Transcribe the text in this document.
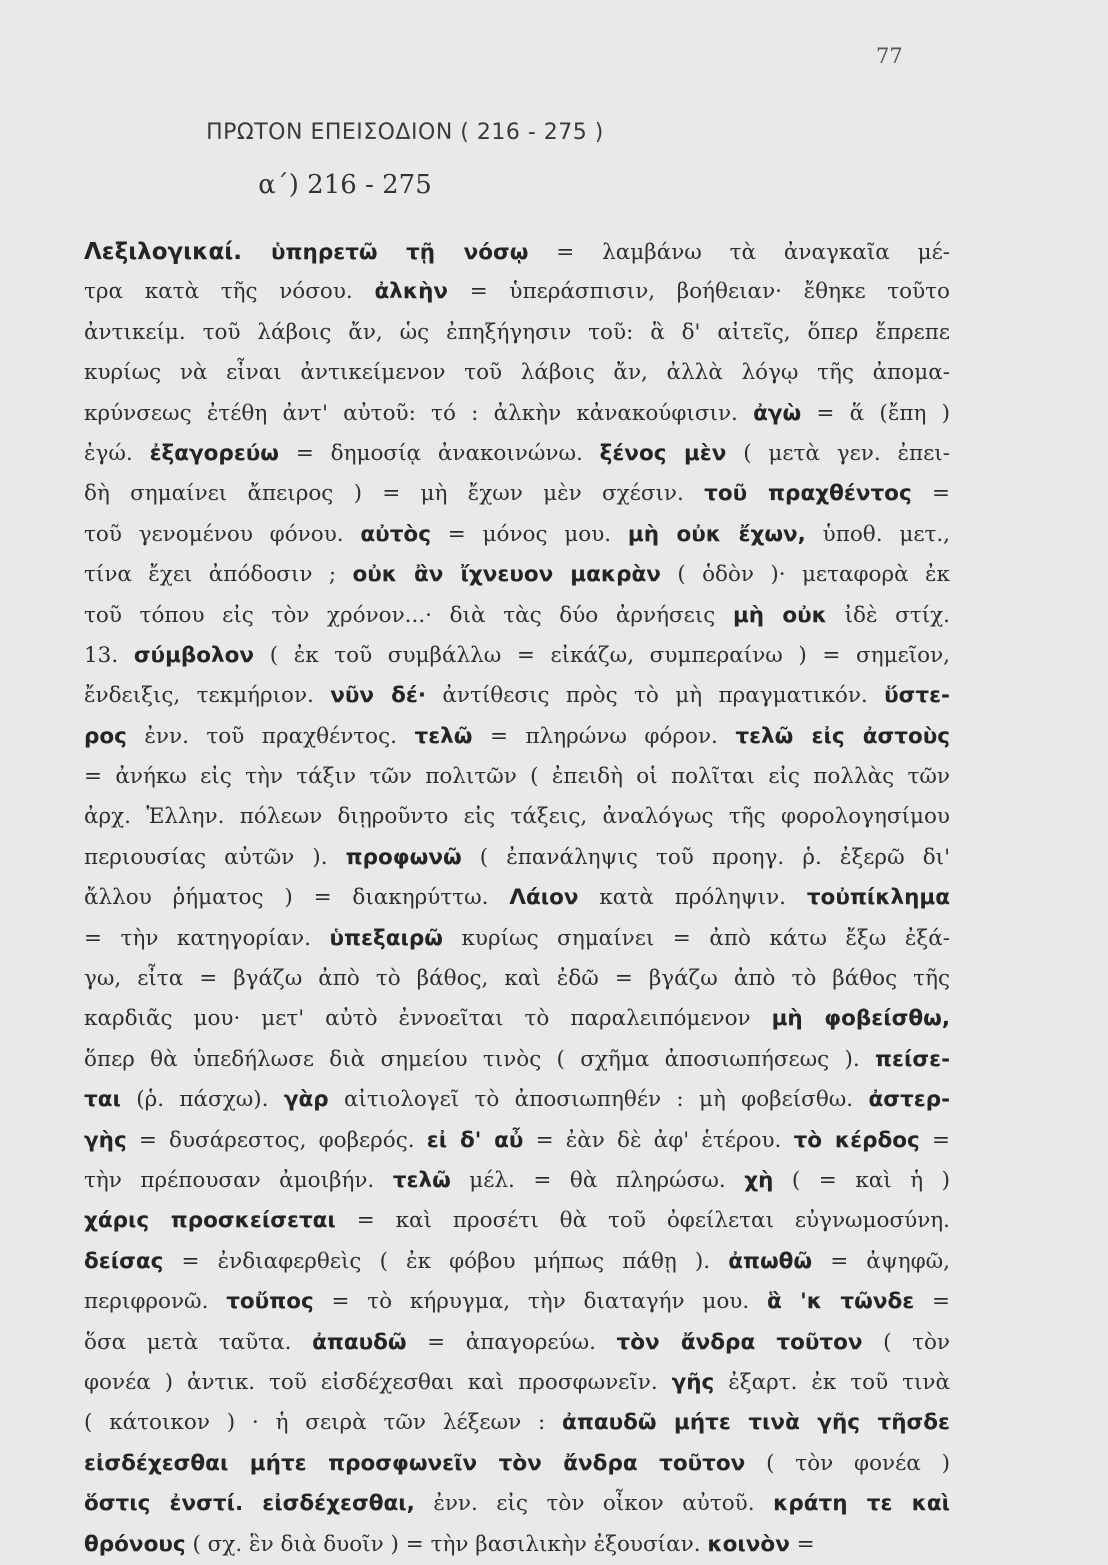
77
ΠΡΩΤΟΝ ΕΠΕΙΣΟΔΙΟΝ ( 216 - 275 )
α΄) 216 - 275
Λεξιλογικαί. ὑπηρετῶ τῇ νόσῳ = λαμβάνω τὰ ἀναγκαῖα μέ-
τρα κατὰ τῆς νόσου. ἀλκὴν = ὑπεράσπισιν, βοήθειαν· ἔθηκε τοῦτο
ἀντικείμ. τοῦ λάβοις ἄν, ὡς ἐπηξήγησιν τοῦ: ἃ δ' αἰτεῖς, ὅπερ ἔπρεπε
κυρίως νὰ εἶναι ἀντικείμενον τοῦ λάβοις ἄν, ἀλλὰ λόγῳ τῆς ἀπομα-
κρύνσεως ἐτέθη ἀντ' αὐτοῦ: τό : ἀλκὴν κἀνακούφισιν. ἀγὼ = ἅ (ἔπη )
ἐγώ. ἐξαγορεύω = δημοσίᾳ ἀνακοινώνω. ξένος μὲν ( μετὰ γεν. ἐπει-
δὴ σημαίνει ἄπειρος ) = μὴ ἔχων μὲν σχέσιν. τοῦ πραχθέντος =
τοῦ γενομένου φόνου. αὐτὸς = μόνος μου. μὴ οὐκ ἔχων, ὑποθ. μετ.,
τίνα ἔχει ἀπόδοσιν ; οὐκ ἂν ἴχνευον μακρὰν ( ὁδὸν )· μεταφορὰ ἐκ
τοῦ τόπου εἰς τὸν χρόνον...· διὰ τὰς δύο ἀρνήσεις μὴ οὐκ ἰδὲ στίχ.
13. σύμβολον ( ἐκ τοῦ συμβάλλω = εἰκάζω, συμπεραίνω ) = σημεῖον,
ἔνδειξις, τεκμήριον. νῦν δέ· ἀντίθεσις πρὸς τὸ μὴ πραγματικόν. ὕστε-
ρος ἐνν. τοῦ πραχθέντος. τελῶ = πληρώνω φόρον. τελῶ εἰς ἀστοὺς
= ἀνήκω εἰς τὴν τάξιν τῶν πολιτῶν ( ἐπειδὴ οἱ πολῖται εἰς πολλὰς τῶν
ἀρχ. Ἑλλην. πόλεων διῃροῦντο εἰς τάξεις, ἀναλόγως τῆς φορολογησίμου
περιουσίας αὐτῶν ). προφωνῶ ( ἐπανάληψις τοῦ προηγ. ῥ. ἐξερῶ δι'
ἄλλου ῥήματος ) = διακηρύττω. Λάιον κατὰ πρόληψιν. τοὐπίκλημα
= τὴν κατηγορίαν. ὑπεξαιρῶ κυρίως σημαίνει = ἀπὸ κάτω ἔξω ἐξά-
γω, εἶτα = βγάζω ἀπὸ τὸ βάθος, καὶ ἐδῶ = βγάζω ἀπὸ τὸ βάθος τῆς
καρδιᾶς μου· μετ' αὐτὸ ἐννοεῖται τὸ παραλειπόμενον μὴ φοβείσθω,
ὅπερ θὰ ὑπεδήλωσε διὰ σημείου τινὸς ( σχῆμα ἀποσιωπήσεως ). πείσε-
ται (ῥ. πάσχω). γὰρ αἰτιολογεῖ τὸ ἀποσιωπηθέν : μὴ φοβείσθω. ἀστερ-
γὴς = δυσάρεστος, φοβερός. εἰ δ' αὖ = ἐὰν δὲ ἀφ' ἑτέρου. τὸ κέρδος =
τὴν πρέπουσαν ἀμοιβήν. τελῶ μέλ. = θὰ πληρώσω. χὴ ( = καὶ ἡ )
χάρις προσκείσεται = καὶ προσέτι θὰ τοῦ ὀφείλεται εὐγνωμοσύνη.
δείσας = ἐνδιαφερθεὶς ( ἐκ φόβου μήπως πάθῃ ). ἀπωθῶ = ἀψηφῶ,
περιφρονῶ. τοὔπος = τὸ κήρυγμα, τὴν διαταγήν μου. ἃ 'κ τῶνδε =
ὅσα μετὰ ταῦτα. ἀπαυδῶ = ἀπαγορεύω. τὸν ἄνδρα τοῦτον ( τὸν
φονέα ) ἀντικ. τοῦ εἰσδέχεσθαι καὶ προσφωνεῖν. γῆς ἐξαρτ. ἐκ τοῦ τινὰ
( κάτοικον ) · ἡ σειρὰ τῶν λέξεων : ἀπαυδῶ μήτε τινὰ γῆς τῆσδε
εἰσδέχεσθαι μήτε προσφωνεῖν τὸν ἄνδρα τοῦτον ( τὸν φονέα )
ὅστις ἐνστί. εἰσδέχεσθαι, ἐνν. εἰς τὸν οἶκον αὐτοῦ. κράτη τε καὶ
θρόνους ( σχ. ἓν διὰ δυοῖν ) = τὴν βασιλικὴν ἐξουσίαν. κοινὸν =
